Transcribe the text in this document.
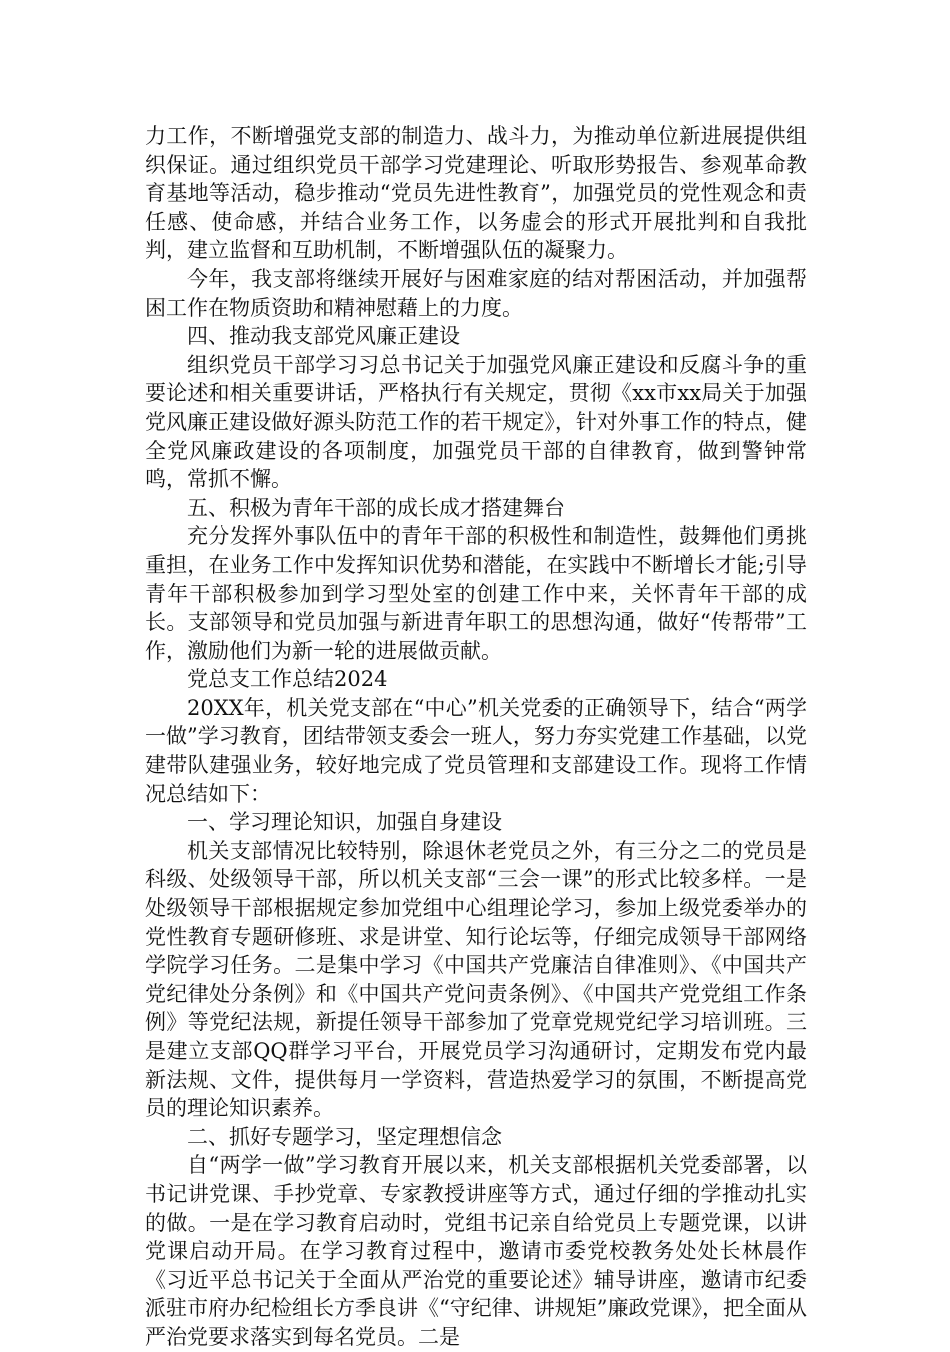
力工作，不断增强党支部的制造力、战斗力，为推动单位新进展提供组织保证。通过组织党员干部学习党建理论、听取形势报告、参观革命教育基地等活动，稳步推动“党员先进性教育”，加强党员的党性观念和责任感、使命感，并结合业务工作，以务虚会的形式开展批判和自我批判，建立监督和互助机制，不断增强队伍的凝聚力。

今年，我支部将继续开展好与困难家庭的结对帮困活动，并加强帮困工作在物质资助和精神慰藉上的力度。

四、推动我支部党风廉正建设

组织党员干部学习习总书记关于加强党风廉正建设和反腐斗争的重要论述和相关重要讲话，严格执行有关规定，贯彻《xx市xx局关于加强党风廉正建设做好源头防范工作的若干规定》，针对外事工作的特点，健全党风廉政建设的各项制度，加强党员干部的自律教育，做到警钟常鸣，常抓不懈。

五、积极为青年干部的成长成才搭建舞台

充分发挥外事队伍中的青年干部的积极性和制造性，鼓舞他们勇挑重担，在业务工作中发挥知识优势和潜能，在实践中不断增长才能;引导青年干部积极参加到学习型处室的创建工作中来，关怀青年干部的成长。支部领导和党员加强与新进青年职工的思想沟通，做好“传帮带”工作，激励他们为新一轮的进展做贡献。

党总支工作总结2024

20XX年，机关党支部在“中心”机关党委的正确领导下，结合“两学一做”学习教育，团结带领支委会一班人，努力夯实党建工作基础，以党建带队建强业务，较好地完成了党员管理和支部建设工作。现将工作情况总结如下：

一、学习理论知识，加强自身建设

机关支部情况比较特别，除退休老党员之外，有三分之二的党员是科级、处级领导干部，所以机关支部“三会一课”的形式比较多样。一是处级领导干部根据规定参加党组中心组理论学习，参加上级党委举办的党性教育专题研修班、求是讲堂、知行论坛等，仔细完成领导干部网络学院学习任务。二是集中学习《中国共产党廉洁自律准则》、《中国共产党纪律处分条例》和《中国共产党问责条例》、《中国共产党党组工作条例》等党纪法规，新提任领导干部参加了党章党规党纪学习培训班。三是建立支部QQ群学习平台，开展党员学习沟通研讨，定期发布党内最新法规、文件，提供每月一学资料，营造热爱学习的氛围，不断提高党员的理论知识素养。

二、抓好专题学习，坚定理想信念

自“两学一做”学习教育开展以来，机关支部根据机关党委部署，以书记讲党课、手抄党章、专家教授讲座等方式，通过仔细的学推动扎实的做。一是在学习教育启动时，党组书记亲自给党员上专题党课，以讲党课启动开局。在学习教育过程中，邀请市委党校教务处处长林晨作《习近平总书记关于全面从严治党的重要论述》辅导讲座，邀请市纪委派驻市府办纪检组长方季良讲《“守纪律、讲规矩”廉政党课》，把全面从严治党要求落实到每名党员。二是
